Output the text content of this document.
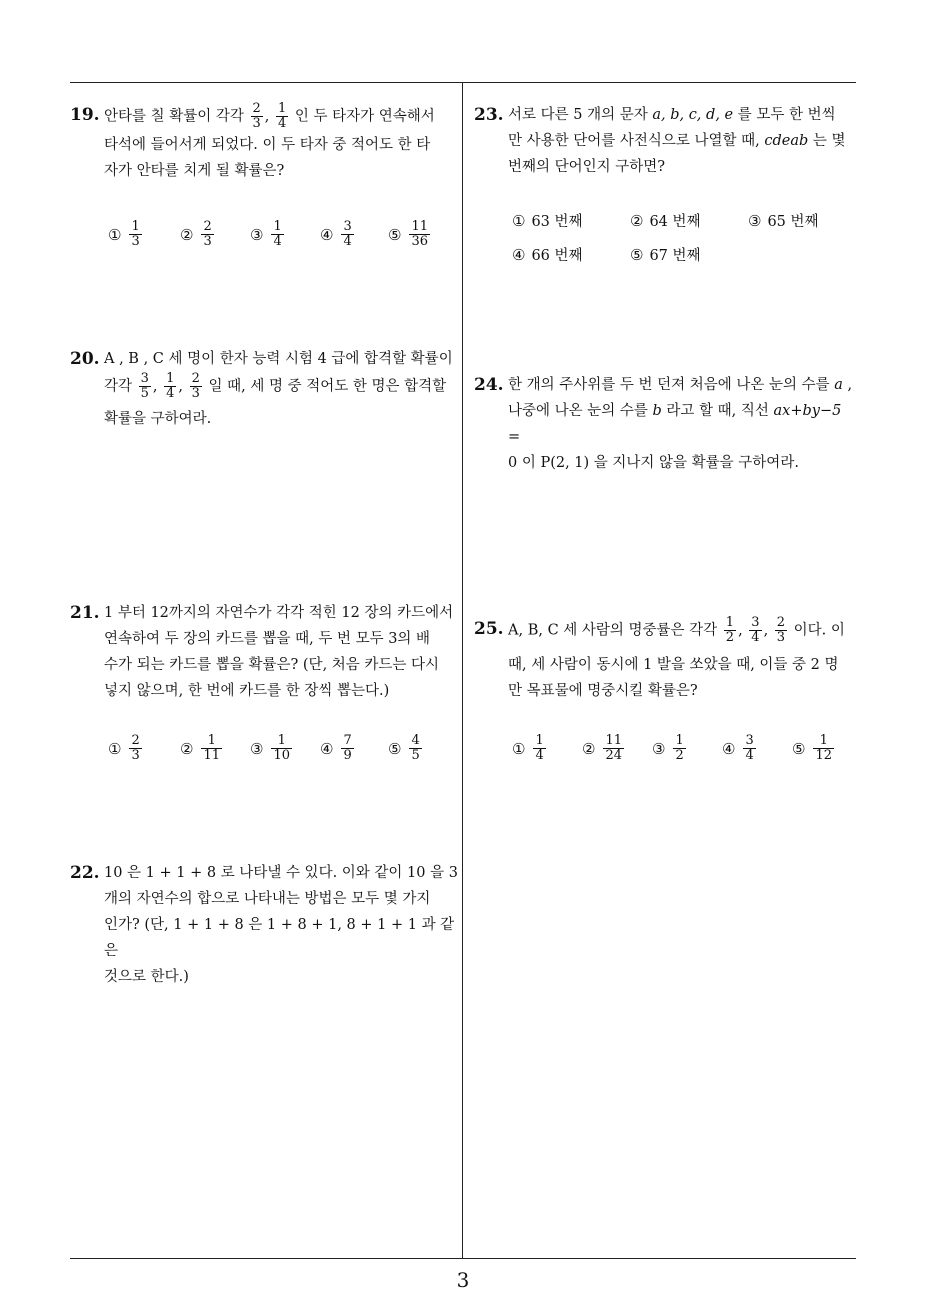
19. 안타를 칠 확률이 각각 $\frac{2}{3}$ , $\frac{1}{4}$ 인 두 타자가 연속해서
타석에 들어서게 되었다. 이 두 타자 중 적어도 한 타
자가 안타를 치게 될 확률은?
① $\frac{1}{3}$	② $\frac{2}{3}$ ③ $\frac{1}{4}$ ④ $\frac{3}{4}$ ⑤ $\frac{11}{36}$
20. A , B , C 세 명이 한자 능력 시험 4 급에 합격할 확률이
각각 $\frac{3}{5}$ , $\frac{1}{4}$ , $\frac{2}{3}$ 일 때, 세 명 중 적어도 한 명은 합격할
확률을 구하여라.
21. 1 부터 12까지의 자연수가 각각 적힌 12 장의 카드에서
연속하여 두 장의 카드를 뽑을 때, 두 번 모두 3의 배
수가 되는 카드를 뽑을 확률은? (단, 처음 카드는 다시
넣지 않으며, 한 번에 카드를 한 장씩 뽑는다.)
① $\frac{2}{3}$	② $\frac{1}{11}$ ③ $\frac{1}{10}$ ④ $\frac{7}{9}$ ⑤ $\frac{4}{5}$
22. 10 은 1 + 1 + 8 로 나타낼 수 있다. 이와 같이 10 을 3
개의 자연수의 합으로 나타내는 방법은 모두 몇 가지
인가? (단, 1 + 1 + 8 은 1 + 8 + 1, 8 + 1 + 1 과 같은
것으로 한다.)
23. 서로 다른 5 개의 문자 a, b, c, d, e 를 모두 한 번씩
만 사용한 단어를 사전식으로 나열할 때, cdeab 는 몇
번째의 단어인지 구하면?
① 63 번째	② 64 번째	③ 65 번째
④ 66 번째	⑤ 67 번째
24. 한 개의 주사위를 두 번 던져 처음에 나온 눈의 수를 a ,
나중에 나온 눈의 수를 b 라고 할 때, 직선 ax+by−5 =
0 이 P(2, 1) 을 지나지 않을 확률을 구하여라.
25. A, B, C 세 사람의 명중률은 각각 $\frac{1}{2}$ , $\frac{3}{4}$ , $\frac{2}{3}$ 이다. 이
때, 세 사람이 동시에 1 발을 쏘았을 때, 이들 중 2 명
만 목표물에 명중시킬 확률은?
① $\frac{1}{4}$ ② $\frac{11}{24}$ ③ $\frac{1}{2}$ ④ $\frac{3}{4}$ ⑤ $\frac{1}{12}$
3
